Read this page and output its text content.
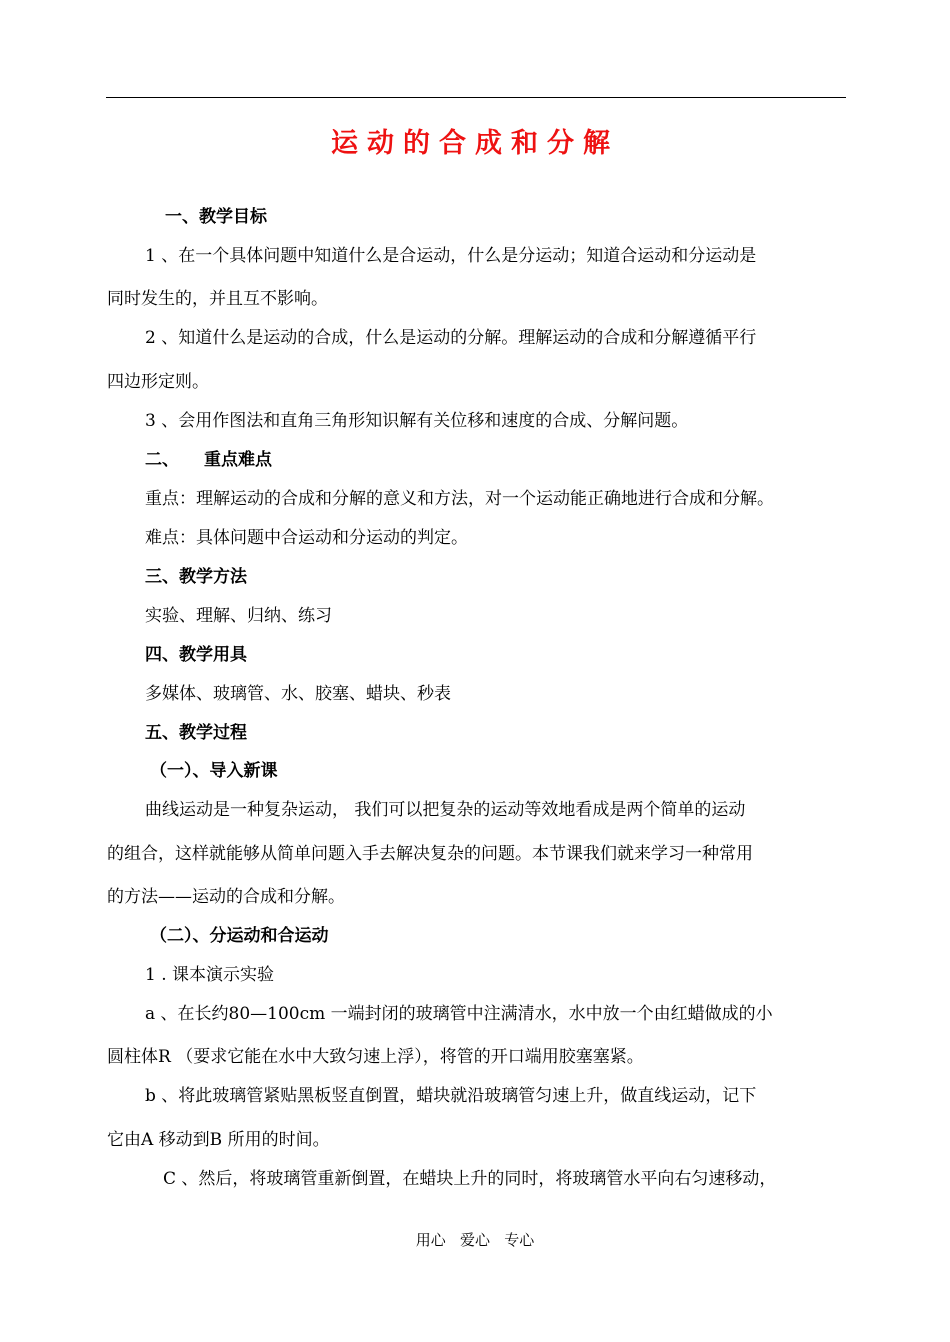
运动的合成和分解
一、教学目标
1 、在一个具体问题中知道什么是合运动，什么是分运动；知道合运动和分运动是
同时发生的，并且互不影响。
2 、知道什么是运动的合成，什么是运动的分解。理解运动的合成和分解遵循平行
四边形定则。
3 、会用作图法和直角三角形知识解有关位移和速度的合成、分解问题。
二、	重点难点
重点：理解运动的合成和分解的意义和方法，对一个运动能正确地进行合成和分解。
难点：具体问题中合运动和分运动的判定。
三、教学方法
实验、理解、归纳、练习
四、教学用具
多媒体、玻璃管、水、胶塞、蜡块、秒表
五、教学过程
（一）、导入新课
曲线运动是一种复杂运动， 我们可以把复杂的运动等效地看成是两个简单的运动
的组合，这样就能够从简单问题入手去解决复杂的问题。本节课我们就来学习一种常用
的方法——运动的合成和分解。
（二）、分运动和合运动
1 . 课本演示实验
a 、在长约80—100cm 一端封闭的玻璃管中注满清水，水中放一个由红蜡做成的小
圆柱体R （要求它能在水中大致匀速上浮），将管的开口端用胶塞塞紧。
b 、将此玻璃管紧贴黑板竖直倒置，蜡块就沿玻璃管匀速上升，做直线运动，记下
它由A 移动到B 所用的时间。
C 、然后，将玻璃管重新倒置，在蜡块上升的同时，将玻璃管水平向右匀速移动，
用心   爱心   专心
